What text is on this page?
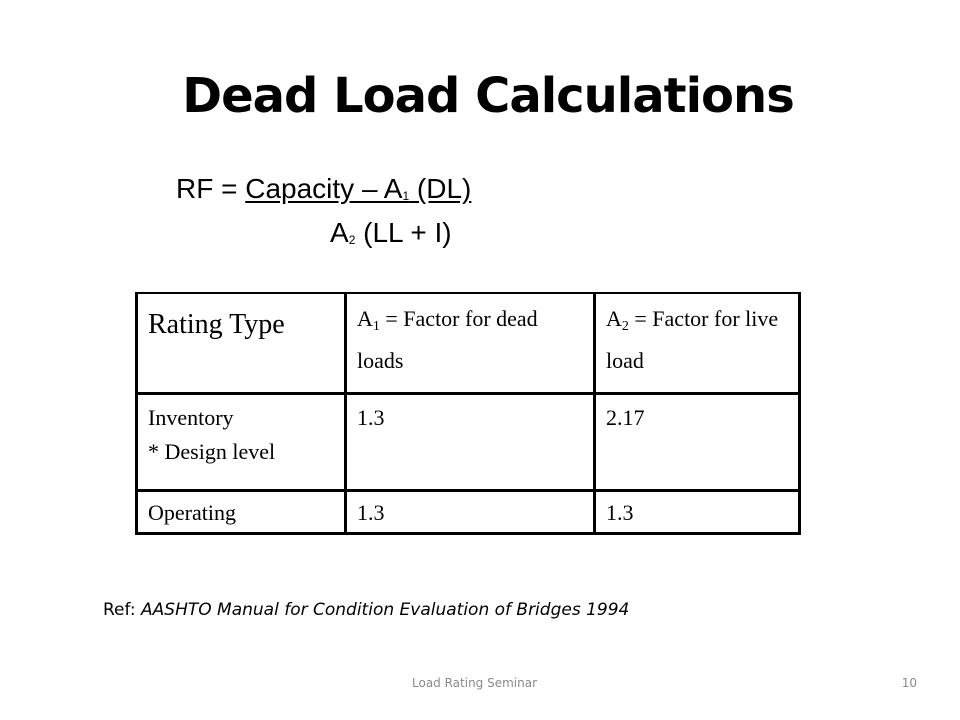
Dead Load Calculations
RF = Capacity – A1 (DL)
A2 (LL + I)
Rating Type	A1 = Factor for dead loads	A2 = Factor for live load

Inventory
* Design level	1.3	2.17
Operating	1.3	1.3
Ref: AASHTO Manual for Condition Evaluation of Bridges 1994
Load Rating Seminar	10
